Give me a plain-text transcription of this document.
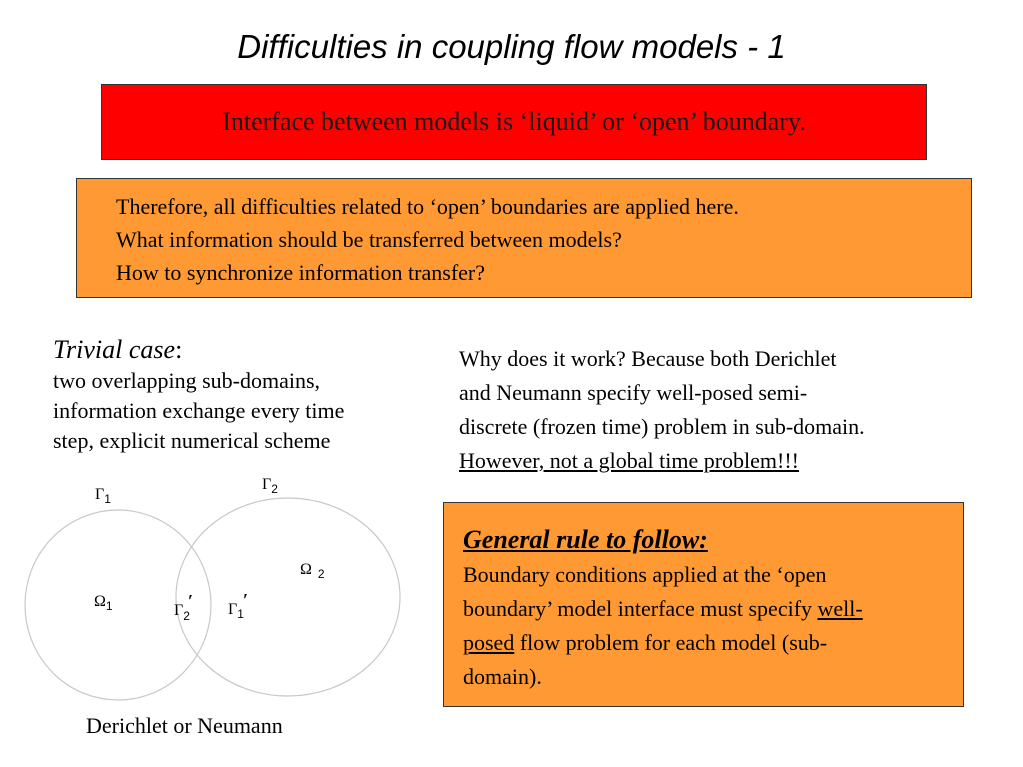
Difficulties in coupling flow models - 1
Interface between models is ‘liquid’ or ‘open’ boundary.
Therefore, all difficulties related to ‘open’ boundaries are applied here.
What information should be transferred between models?
How to synchronize information transfer?
Trivial case:
two overlapping sub-domains,
information exchange every time
step, explicit numerical scheme
Why does it work? Because both Derichlet
and Neumann specify well-posed semi-
discrete (frozen time) problem in sub-domain.
However, not a global time problem!!!
General rule to follow:
Boundary conditions applied at the ‘open
boundary’ model interface must specify well-
posed flow problem for each model (sub-
domain).
$\Gamma_1$
$\Gamma_2$
$\Omega_1$
Ω $_2$
$\Gamma_2'$ $\Gamma_1'$
Derichlet or Neumann
